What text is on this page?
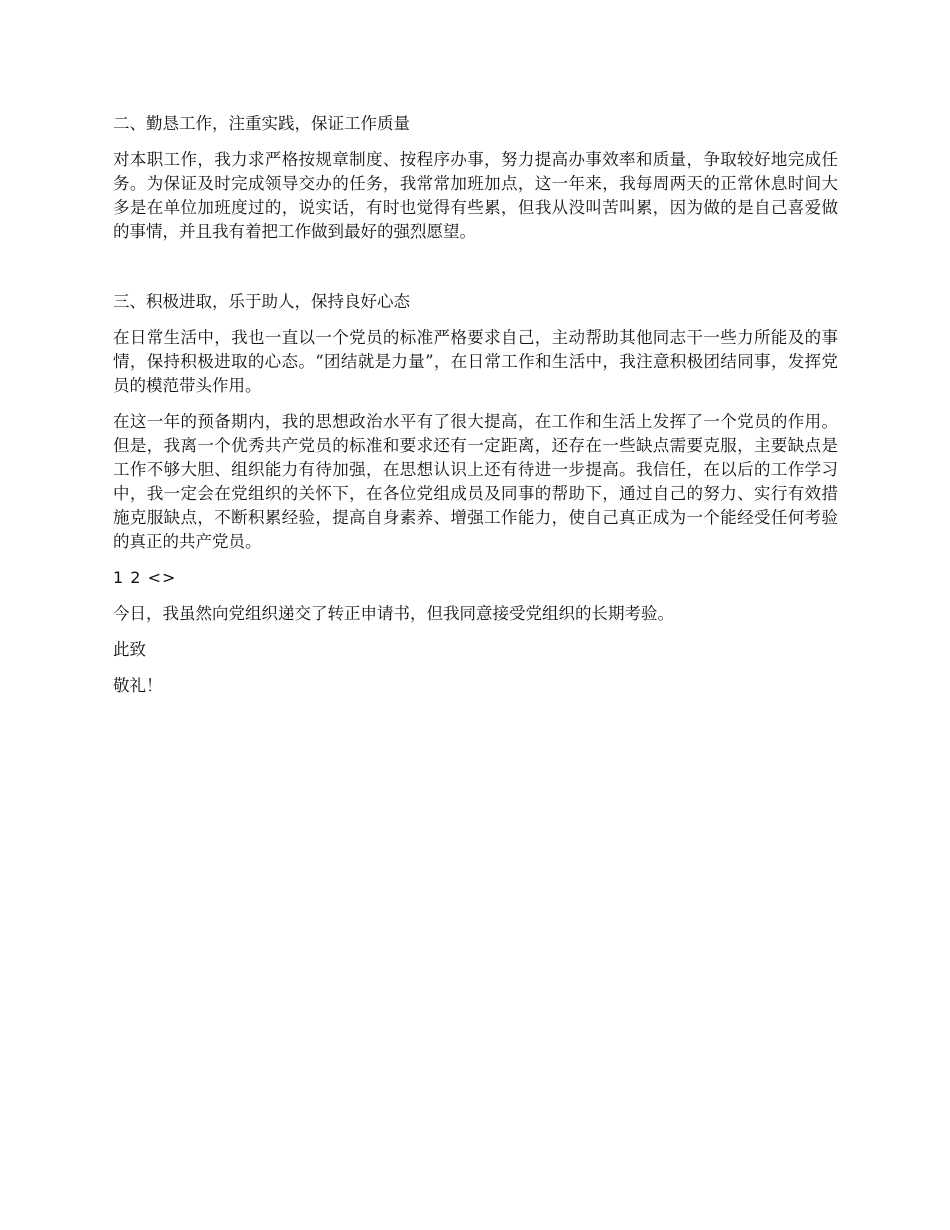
二、勤恳工作，注重实践，保证工作质量
对本职工作，我力求严格按规章制度、按程序办事，努力提高办事效率和质量，争取较好地完成任务。为保证及时完成领导交办的任务，我常常加班加点，这一年来，我每周两天的正常休息时间大多是在单位加班度过的，说实话，有时也觉得有些累，但我从没叫苦叫累，因为做的是自己喜爱做的事情，并且我有着把工作做到最好的强烈愿望。
三、积极进取，乐于助人，保持良好心态
在日常生活中，我也一直以一个党员的标准严格要求自己，主动帮助其他同志干一些力所能及的事情，保持积极进取的心态。“团结就是力量”，在日常工作和生活中，我注意积极团结同事，发挥党员的模范带头作用。
在这一年的预备期内，我的思想政治水平有了很大提高，在工作和生活上发挥了一个党员的作用。但是，我离一个优秀共产党员的标准和要求还有一定距离，还存在一些缺点需要克服，主要缺点是工作不够大胆、组织能力有待加强，在思想认识上还有待进一步提高。我信任，在以后的工作学习中，我一定会在党组织的关怀下，在各位党组成员及同事的帮助下，通过自己的努力、实行有效措施克服缺点，不断积累经验，提高自身素养、增强工作能力，使自己真正成为一个能经受任何考验的真正的共产党员。
1 2 <>
今日，我虽然向党组织递交了转正申请书，但我同意接受党组织的长期考验。
此致
敬礼！
